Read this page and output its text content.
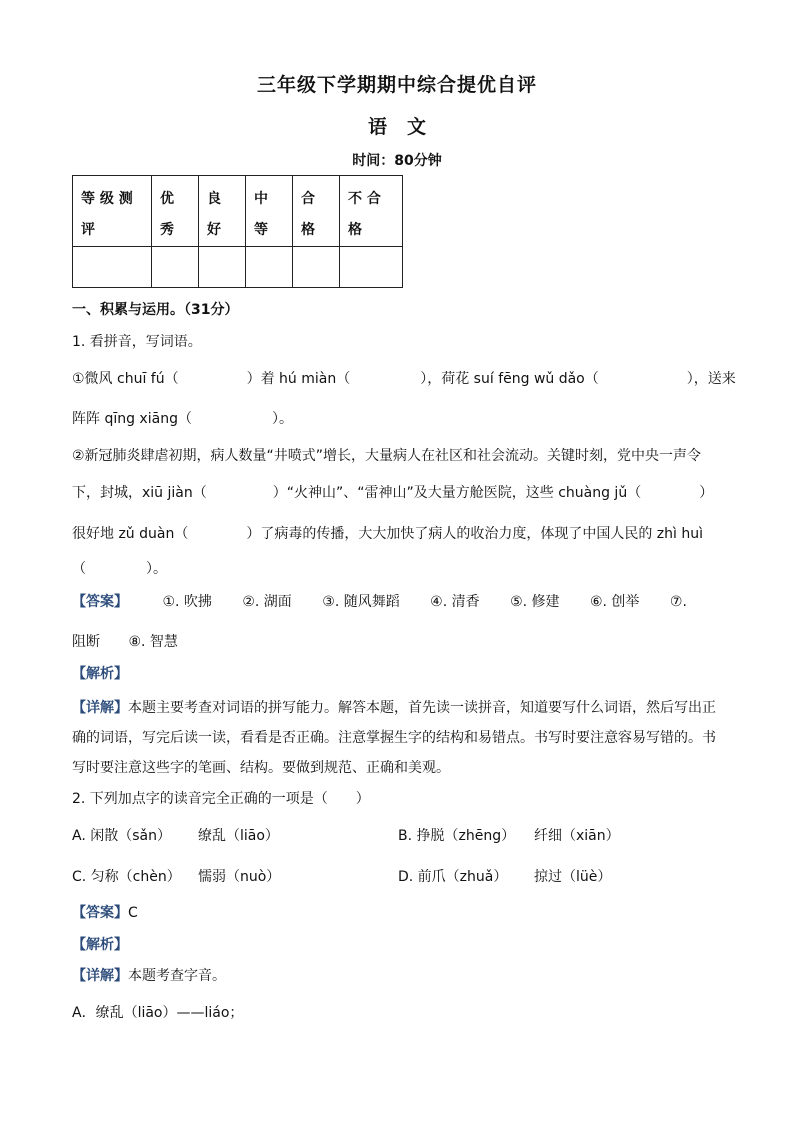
三年级下学期期中综合提优自评
语 文
时间：80分钟
等 级 测 评	优 秀	良 好	中 等	合 格	不 合 格

一、积累与运用。（31分）
1. 看拼音，写词语。
①微风 chuī fú（	）着 hú miàn（	），荷花 suí fēng wǔ dǎo（	），送来
阵阵 qīng xiāng（	）。
②新冠肺炎肆虐初期，病人数量“井喷式”增长，大量病人在社区和社会流动。关键时刻，党中央一声令
下，封城，xiū jiàn（	）“火神山”、“雷神山”及大量方舱医院，这些 chuàng jǔ（	）
很好地 zǔ duàn（	）了病毒的传播，大大加快了病人的收治力度，体现了中国人民的 zhì huì
（	）。
【答案】 ①. 吹拂 ②. 湖面 ③. 随风舞蹈 ④. 清香 ⑤. 修建 ⑥. 创举 ⑦.
阻断 ⑧. 智慧
【解析】
【详解】本题主要考查对词语的拼写能力。解答本题，首先读一读拼音，知道要写什么词语，然后写出正
确的词语，写完后读一读，看看是否正确。注意掌握生字的结构和易错点。书写时要注意容易写错的。书
写时要注意这些字的笔画、结构。要做到规范、正确和美观。
2. 下列加点字的读音完全正确的一项是（　　）
A. 闲散（sǎn） 缭乱（liāo）	B. 挣脱（zhēng） 纤细（xiān）
C. 匀称（chèn） 懦弱（nuò）	D. 前爪（zhuǎ） 掠过（lüè）
【答案】C
【解析】
【详解】本题考查字音。
A．缭乱（liāo）——liáo；
